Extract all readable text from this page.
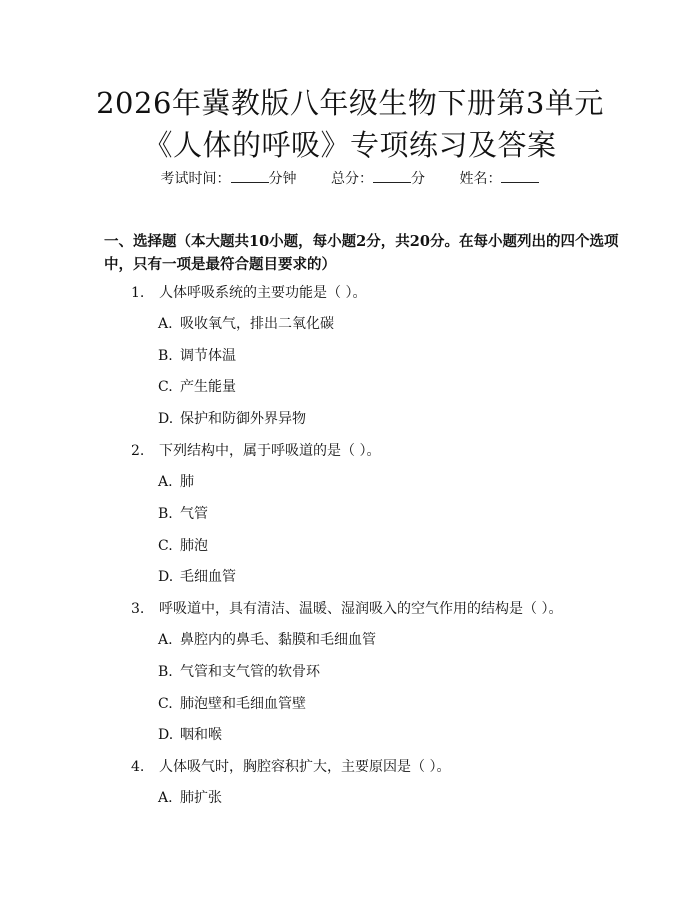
2026年冀教版八年级生物下册第3单元《人体的呼吸》专项练习及答案
考试时间：	分钟 总分：	分 姓名：

一、选择题（本大题共10小题，每小题2分，共20分。在每小题列出的四个选项中，只有一项是最符合题目要求的）

1. 人体呼吸系统的主要功能是（ ）。
A. 吸收氧气，排出二氧化碳
B. 调节体温
C. 产生能量
D. 保护和防御外界异物
2. 下列结构中，属于呼吸道的是（ ）。
A. 肺
B. 气管
C. 肺泡
D. 毛细血管
3. 呼吸道中，具有清洁、温暖、湿润吸入的空气作用的结构是（ ）。
A. 鼻腔内的鼻毛、黏膜和毛细血管
B. 气管和支气管的软骨环
C. 肺泡壁和毛细血管壁
D. 咽和喉
4. 人体吸气时，胸腔容积扩大，主要原因是（ ）。
A. 肺扩张
